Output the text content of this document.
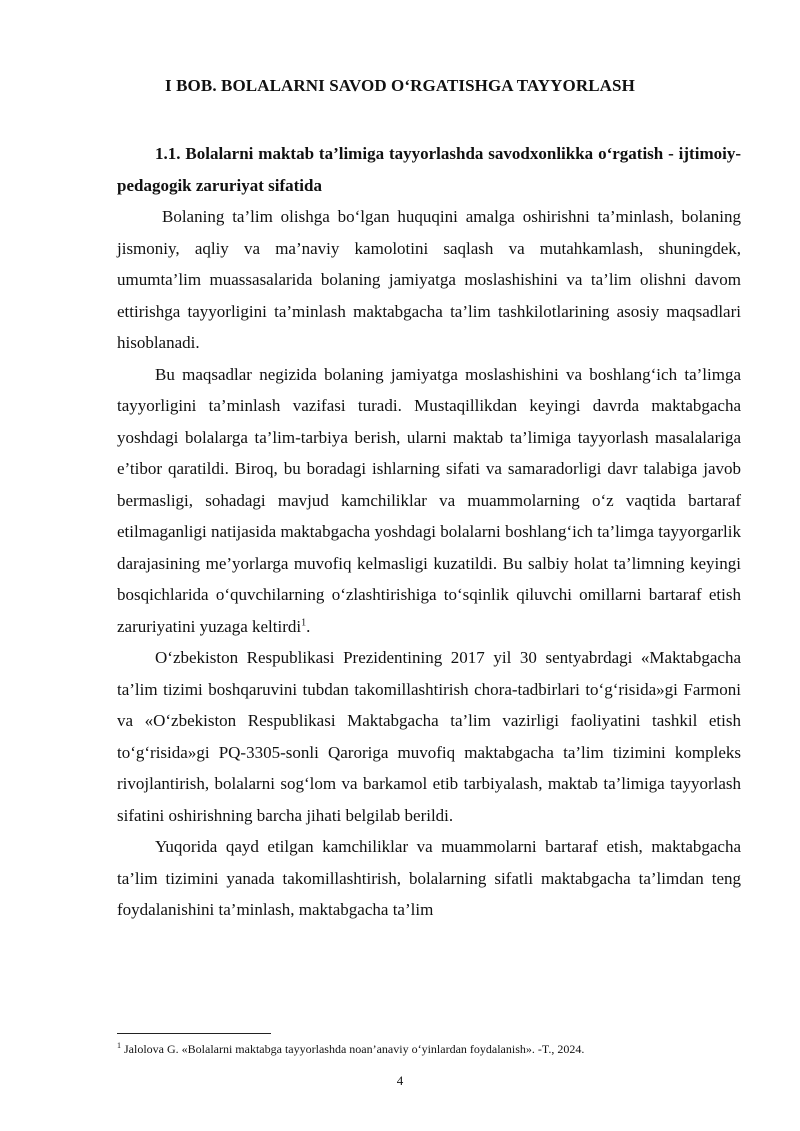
I BOB. BOLALARNI SAVOD O‘RGATISHGA TAYYORLASH

1.1. Bolalarni maktab ta’limiga tayyorlashda savodxonlikka o‘rgatish - ijtimoiy-pedagogik zaruriyat sifatida

Bolaning ta’lim olishga bo‘lgan huquqini amalga oshirishni ta’minlash, bolaning jismoniy, aqliy va ma’naviy kamolotini saqlash va mutahkamlash, shuningdek, umumta’lim muassasalarida bolaning jamiyatga moslashishini va ta’lim olishni davom ettirishga tayyorligini ta’minlash maktabgacha ta’lim tashkilotlarining asosiy maqsadlari hisoblanadi.

Bu maqsadlar negizida bolaning jamiyatga moslashishini va boshlang‘ich ta’limga tayyorligini ta’minlash vazifasi turadi. Mustaqillikdan keyingi davrda maktabgacha yoshdagi bolalarga ta’lim-tarbiya berish, ularni maktab ta’limiga tayyorlash masalalariga e’tibor qaratildi. Biroq, bu boradagi ishlarning sifati va samaradorligi davr talabiga javob bermasligi, sohadagi mavjud kamchiliklar va muammolarning o‘z vaqtida bartaraf etilmaganligi natijasida maktabgacha yoshdagi bolalarni boshlang‘ich ta’limga tayyorgarlik darajasining me’yorlarga muvofiq kelmasligi kuzatildi. Bu salbiy holat ta’limning keyingi bosqichlarida o‘quvchilarning o‘zlashtirishiga to‘sqinlik qiluvchi omillarni bartaraf etish zaruriyatini yuzaga keltirdi$^1$.

O‘zbekiston Respublikasi Prezidentining 2017 yil 30 sentyabrdagi «Maktabgacha ta’lim tizimi boshqaruvini tubdan takomillashtirish chora-tadbirlari to‘g‘risida»gi Farmoni va «O‘zbekiston Respublikasi Maktabgacha ta’lim vazirligi faoliyatini tashkil etish to‘g‘risida»gi PQ-3305-sonli Qaroriga muvofiq maktabgacha ta’lim tizimini kompleks rivojlantirish, bolalarni sog‘lom va barkamol etib tarbiyalash, maktab ta’limiga tayyorlash sifatini oshirishning barcha jihati belgilab berildi.

Yuqorida qayd etilgan kamchiliklar va muammolarni bartaraf etish, maktabgacha ta’lim tizimini yanada takomillashtirish, bolalarning sifatli maktabgacha ta’limdan teng foydalanishini ta’minlash, maktabgacha ta’lim

$^1$ Jalolova G. «Bolalarni maktabga tayyorlashda noan’anaviy o‘yinlardan foydalanish». -T., 2024.
4
